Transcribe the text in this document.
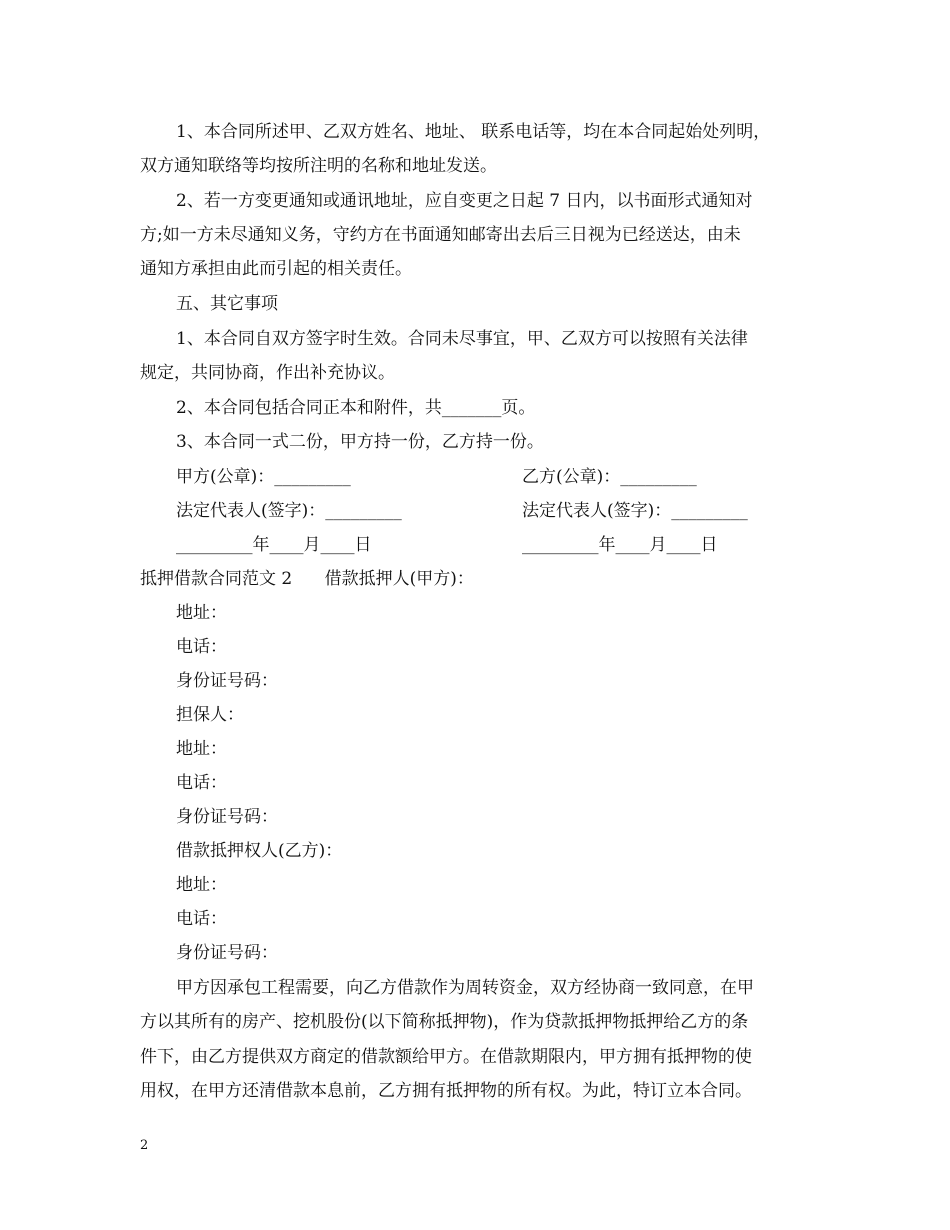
1、本合同所述甲、乙双方姓名、地址、 联系电话等，均在本合同起始处列明，
双方通知联络等均按所注明的名称和地址发送。
2、若一方变更通知或通讯地址，应自变更之日起 7 日内，以书面形式通知对
方;如一方未尽通知义务，守约方在书面通知邮寄出去后三日视为已经送达，由未
通知方承担由此而引起的相关责任。
五、其它事项
1、本合同自双方签字时生效。合同未尽事宜，甲、乙双方可以按照有关法律
规定，共同协商，作出补充协议。
2、本合同包括合同正本和附件，共_______页。
3、本合同一式二份，甲方持一份，乙方持一份。
甲方(公章)：_________	乙方(公章)：_________
法定代表人(签字)：_________	法定代表人(签字)：_________
_________年____月____日	_________年____月____日
抵押借款合同范文 2      借款抵押人(甲方)：
地址：
电话：
身份证号码：
担保人：
地址：
电话：
身份证号码：
借款抵押权人(乙方)：
地址：
电话：
身份证号码：
甲方因承包工程需要，向乙方借款作为周转资金，双方经协商一致同意，在甲
方以其所有的房产、挖机股份(以下简称抵押物)，作为贷款抵押物抵押给乙方的条
件下，由乙方提供双方商定的借款额给甲方。在借款期限内，甲方拥有抵押物的使
用权，在甲方还清借款本息前，乙方拥有抵押物的所有权。为此，特订立本合同。
2
